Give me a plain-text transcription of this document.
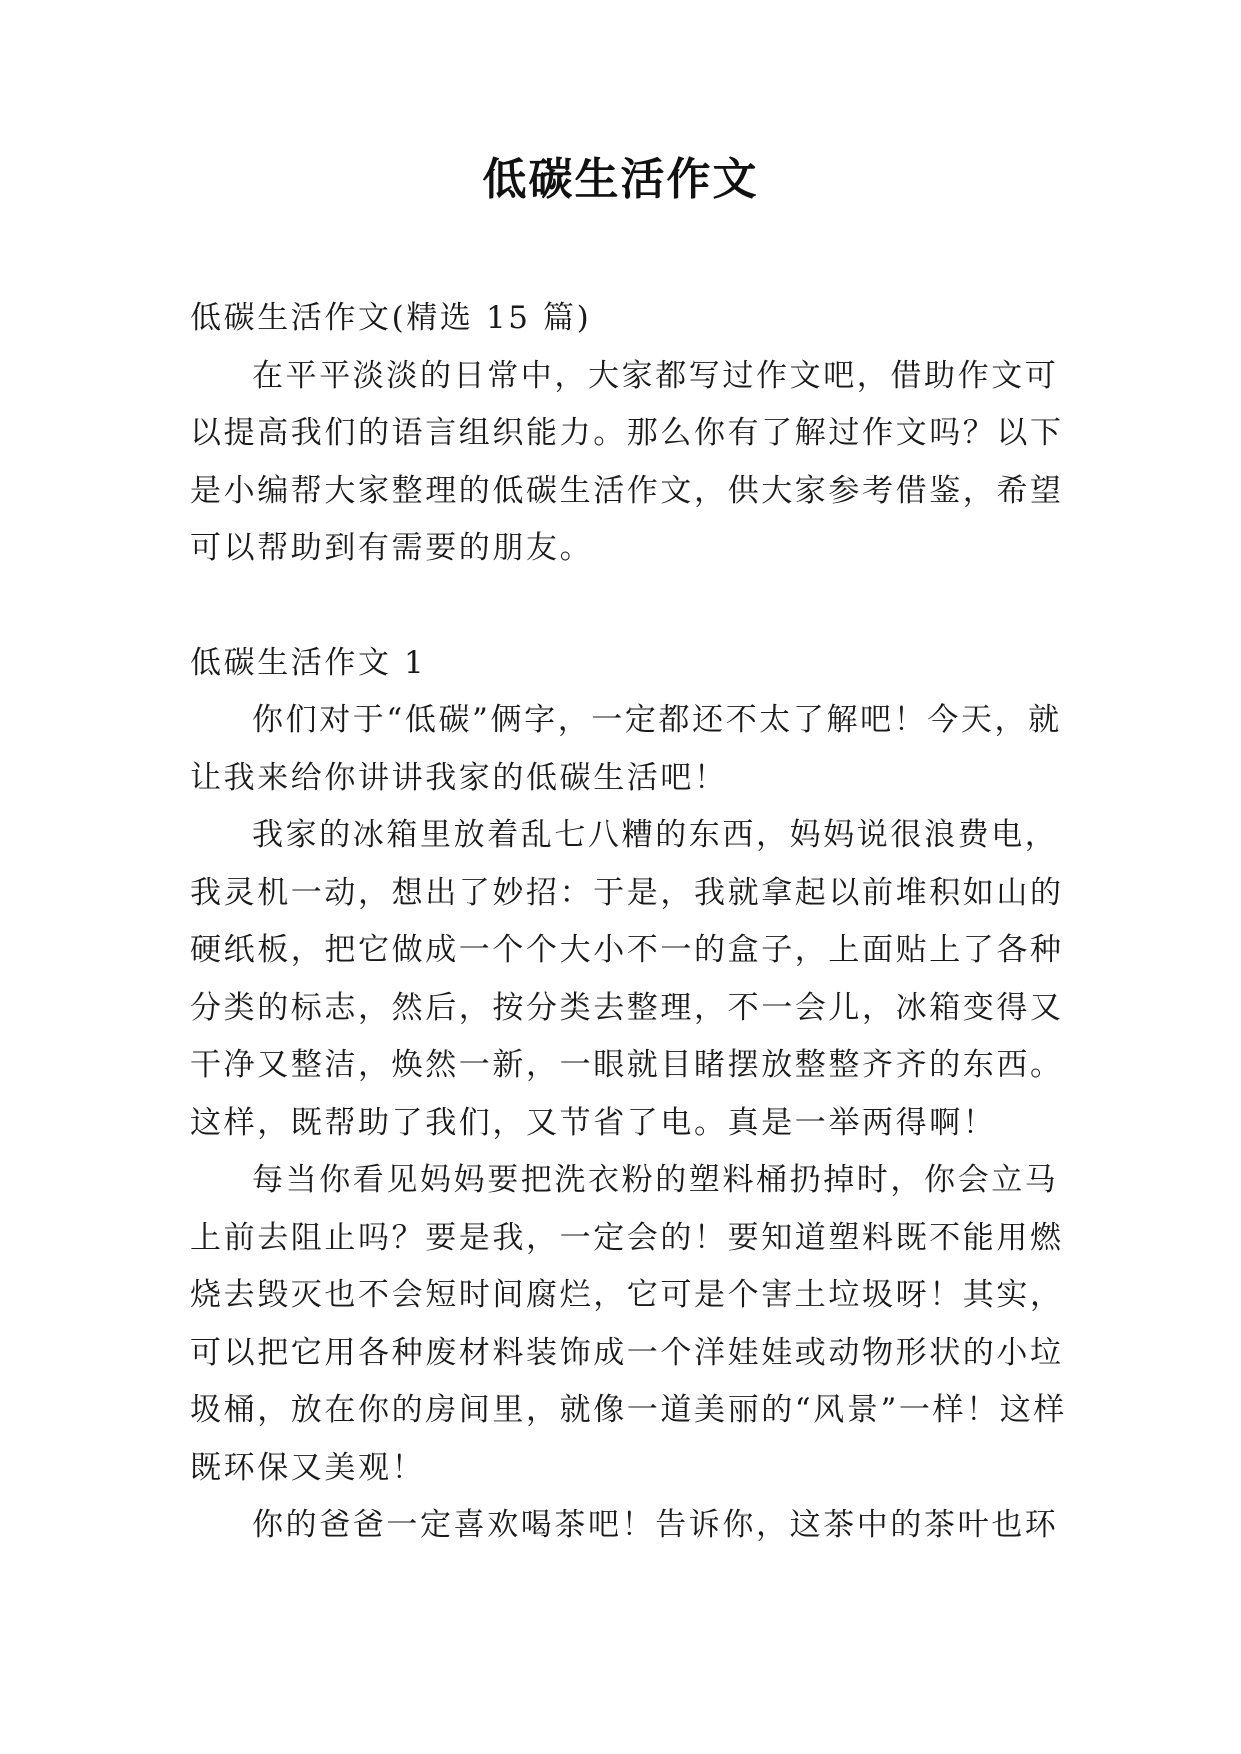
低碳生活作文

低碳生活作文(精选 15 篇)

在平平淡淡的日常中，大家都写过作文吧，借助作文可以提高我们的语言组织能力。那么你有了解过作文吗？以下是小编帮大家整理的低碳生活作文，供大家参考借鉴，希望可以帮助到有需要的朋友。

低碳生活作文 1

你们对于“低碳”俩字，一定都还不太了解吧！今天，就让我来给你讲讲我家的低碳生活吧！

我家的冰箱里放着乱七八糟的东西，妈妈说很浪费电，我灵机一动，想出了妙招：于是，我就拿起以前堆积如山的硬纸板，把它做成一个个大小不一的盒子，上面贴上了各种分类的标志，然后，按分类去整理，不一会儿，冰箱变得又干净又整洁，焕然一新，一眼就目睹摆放整整齐齐的东西。这样，既帮助了我们，又节省了电。真是一举两得啊！

每当你看见妈妈要把洗衣粉的塑料桶扔掉时，你会立马上前去阻止吗？要是我，一定会的！要知道塑料既不能用燃烧去毁灭也不会短时间腐烂，它可是个害土垃圾呀！其实，可以把它用各种废材料装饰成一个洋娃娃或动物形状的小垃圾桶，放在你的房间里，就像一道美丽的“风景”一样！这样既环保又美观！

你的爸爸一定喜欢喝茶吧！告诉你，这茶中的茶叶也环
